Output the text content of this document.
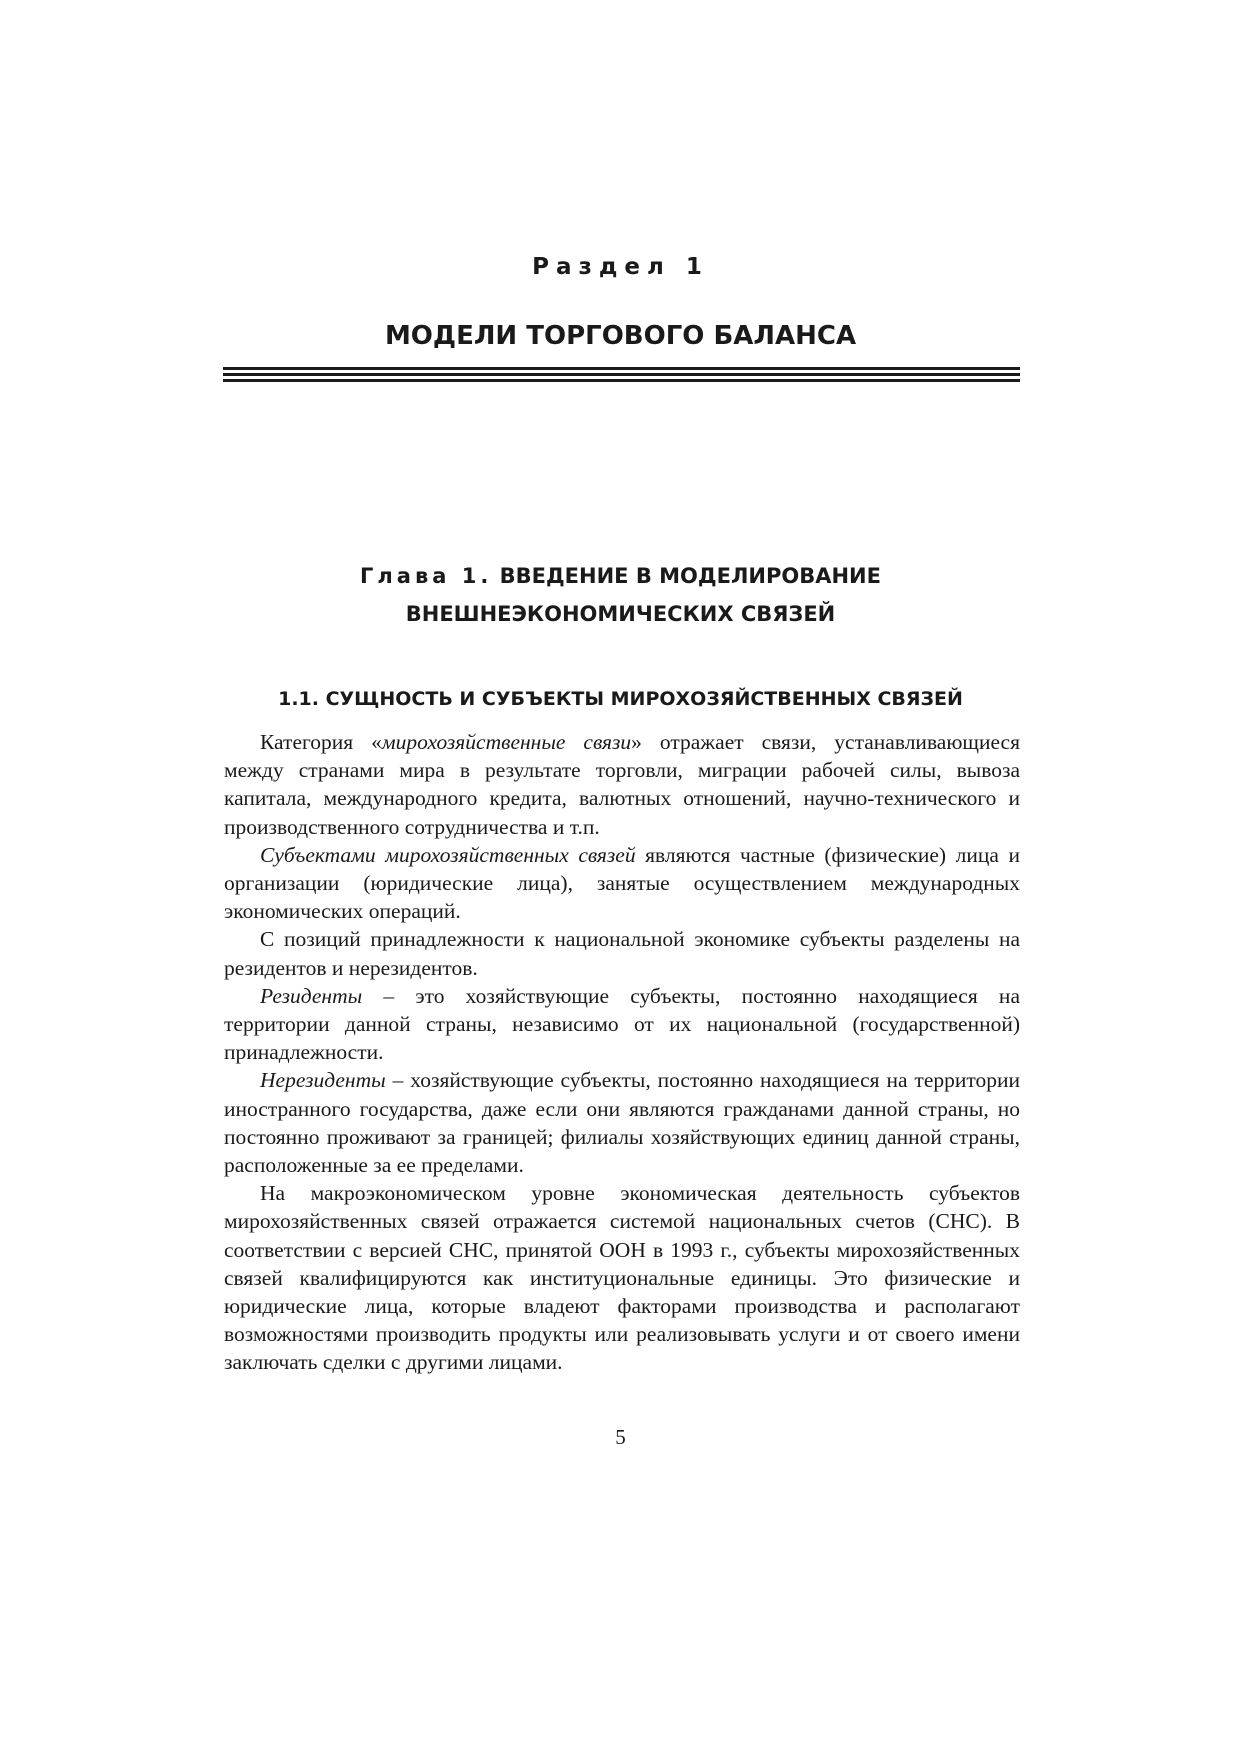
Раздел 1
МОДЕЛИ ТОРГОВОГО БАЛАНСА
Глава 1. ВВЕДЕНИЕ В МОДЕЛИРОВАНИЕ
ВНЕШНЕЭКОНОМИЧЕСКИХ СВЯЗЕЙ
1.1. СУЩНОСТЬ И СУБЪЕКТЫ МИРОХОЗЯЙСТВЕННЫХ СВЯЗЕЙ

Категория «мирохозяйственные связи» отражает связи, устанавливающиеся между странами мира в результате торговли, миграции рабочей силы, вывоза капитала, международного кредита, валютных отношений, научно-технического и производственного сотрудничества и т.п.

Субъектами мирохозяйственных связей являются частные (физические) лица и организации (юридические лица), занятые осуществлением международных экономических операций.

С позиций принадлежности к национальной экономике субъекты разделены на резидентов и нерезидентов.

Резиденты – это хозяйствующие субъекты, постоянно находящиеся на территории данной страны, независимо от их национальной (государственной) принадлежности.

Нерезиденты – хозяйствующие субъекты, постоянно находящиеся на территории иностранного государства, даже если они являются гражданами данной страны, но постоянно проживают за границей; филиалы хозяйствующих единиц данной страны, расположенные за ее пределами.

На макроэкономическом уровне экономическая деятельность субъектов мирохозяйственных связей отражается системой национальных счетов (СНС). В соответствии с версией СНС, принятой ООН в 1993 г., субъекты мирохозяйственных связей квалифицируются как институциональные единицы. Это физические и юридические лица, которые владеют факторами производства и располагают возможностями производить продукты или реализовывать услуги и от своего имени заключать сделки с другими лицами.

5
